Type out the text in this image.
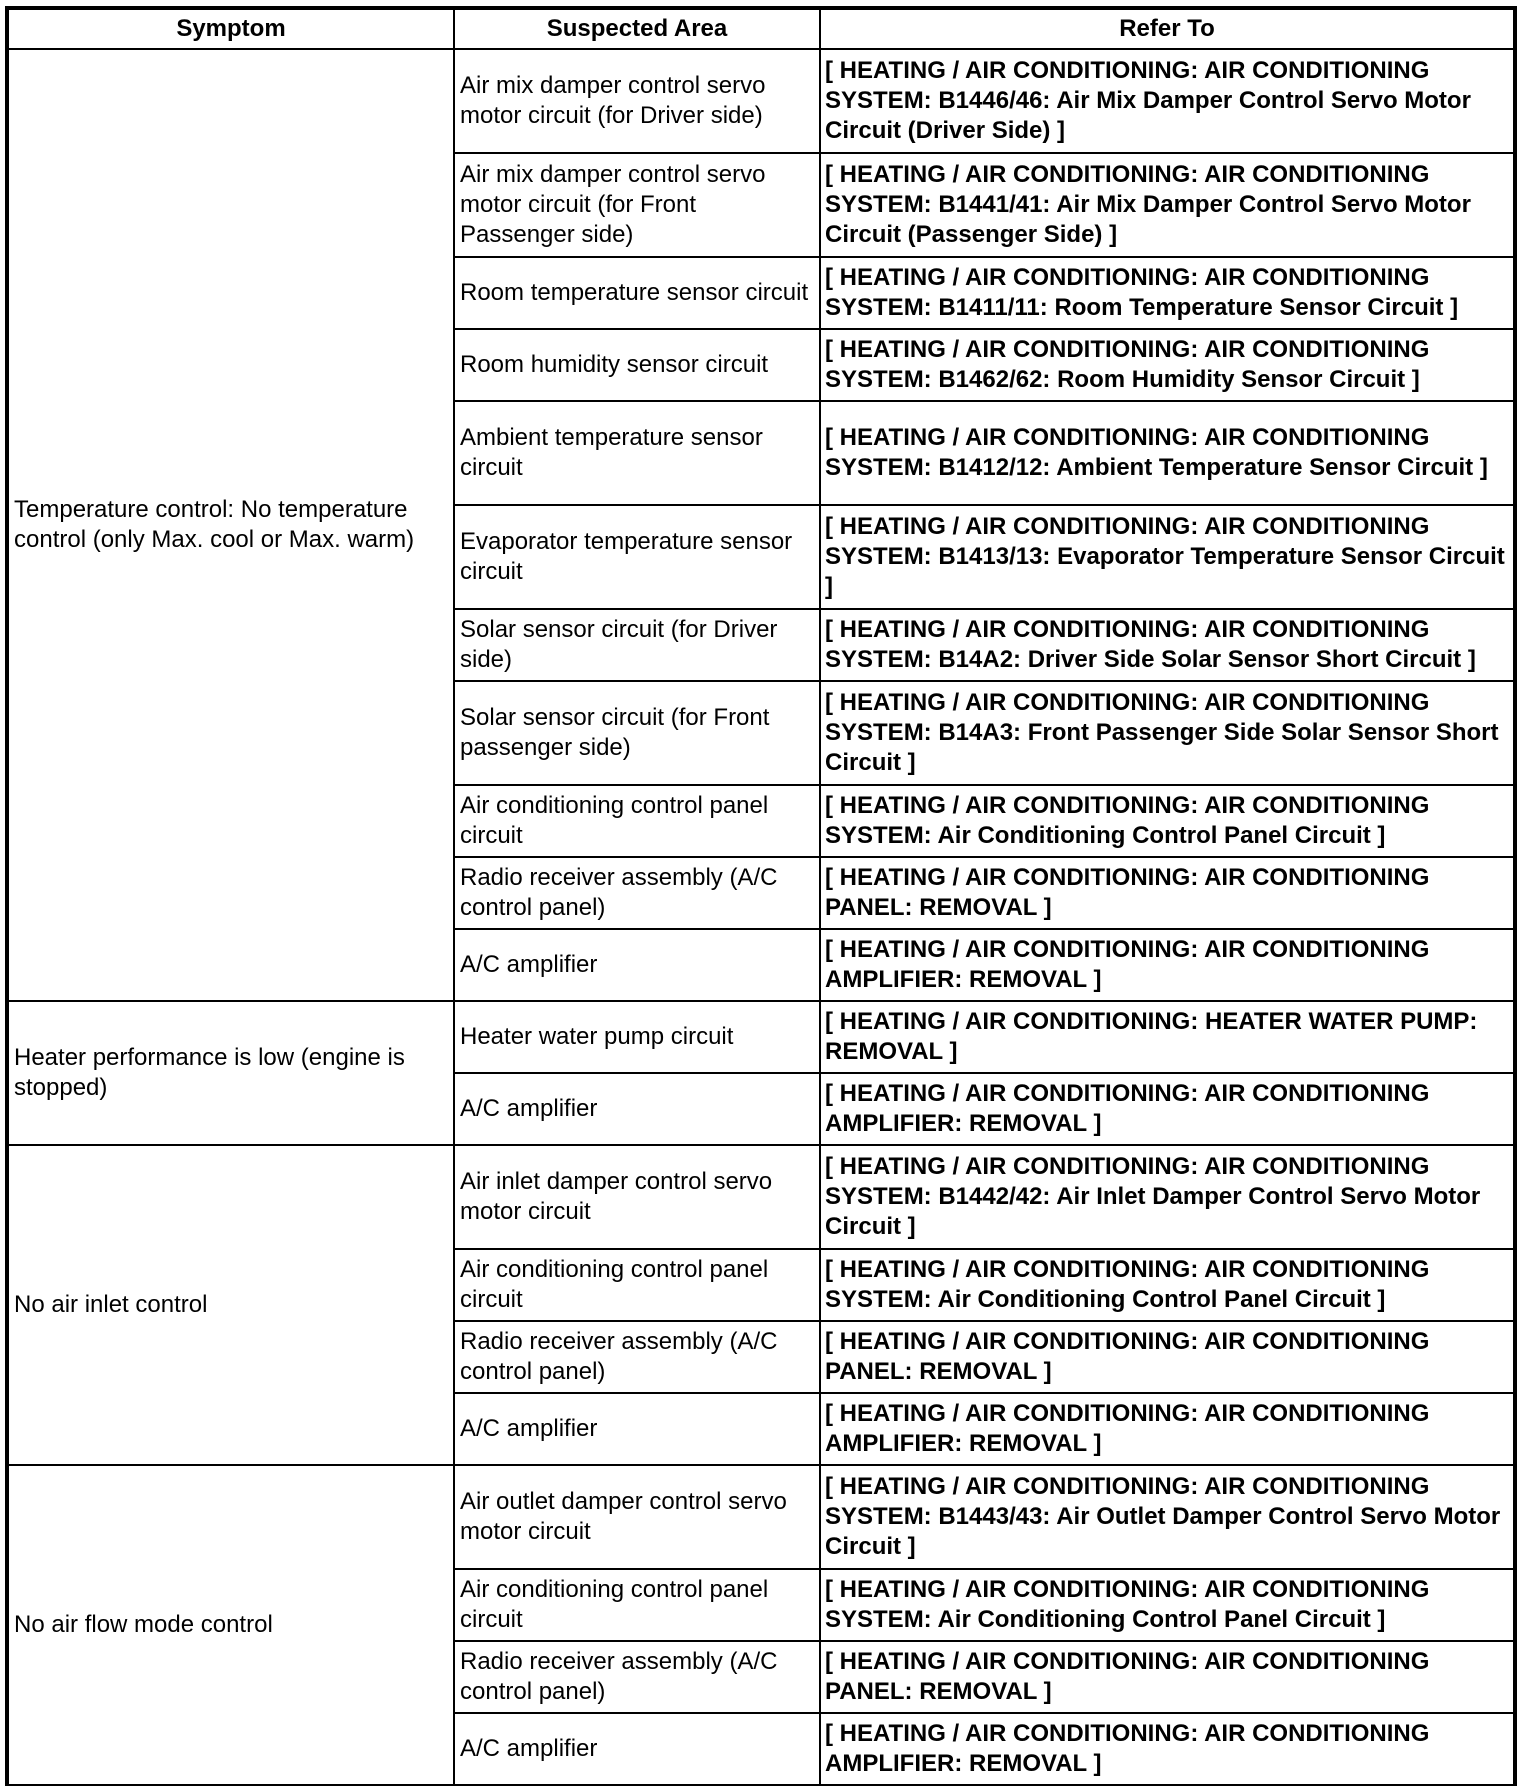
Symptom	Suspected Area	Refer To
Temperature control: No temperature control (only Max. cool or Max. warm)	Air mix damper control servo motor circuit (for Driver side)	[ HEATING / AIR CONDITIONING: AIR CONDITIONING SYSTEM: B1446/46: Air Mix Damper Control Servo Motor Circuit (Driver Side) ]
	Air mix damper control servo motor circuit (for Front Passenger side)	[ HEATING / AIR CONDITIONING: AIR CONDITIONING SYSTEM: B1441/41: Air Mix Damper Control Servo Motor Circuit (Passenger Side) ]
	Room temperature sensor circuit	[ HEATING / AIR CONDITIONING: AIR CONDITIONING SYSTEM: B1411/11: Room Temperature Sensor Circuit ]
	Room humidity sensor circuit	[ HEATING / AIR CONDITIONING: AIR CONDITIONING SYSTEM: B1462/62: Room Humidity Sensor Circuit ]
	Ambient temperature sensor circuit	[ HEATING / AIR CONDITIONING: AIR CONDITIONING SYSTEM: B1412/12: Ambient Temperature Sensor Circuit ]
	Evaporator temperature sensor circuit	[ HEATING / AIR CONDITIONING: AIR CONDITIONING SYSTEM: B1413/13: Evaporator Temperature Sensor Circuit ]
	Solar sensor circuit (for Driver side)	[ HEATING / AIR CONDITIONING: AIR CONDITIONING SYSTEM: B14A2: Driver Side Solar Sensor Short Circuit ]
	Solar sensor circuit (for Front passenger side)	[ HEATING / AIR CONDITIONING: AIR CONDITIONING SYSTEM: B14A3: Front Passenger Side Solar Sensor Short Circuit ]
	Air conditioning control panel circuit	[ HEATING / AIR CONDITIONING: AIR CONDITIONING SYSTEM: Air Conditioning Control Panel Circuit ]
	Radio receiver assembly (A/C control panel)	[ HEATING / AIR CONDITIONING: AIR CONDITIONING PANEL: REMOVAL ]
	A/C amplifier	[ HEATING / AIR CONDITIONING: AIR CONDITIONING AMPLIFIER: REMOVAL ]
Heater performance is low (engine is stopped)	Heater water pump circuit	[ HEATING / AIR CONDITIONING: HEATER WATER PUMP: REMOVAL ]
	A/C amplifier	[ HEATING / AIR CONDITIONING: AIR CONDITIONING AMPLIFIER: REMOVAL ]
No air inlet control	Air inlet damper control servo motor circuit	[ HEATING / AIR CONDITIONING: AIR CONDITIONING SYSTEM: B1442/42: Air Inlet Damper Control Servo Motor Circuit ]
	Air conditioning control panel circuit	[ HEATING / AIR CONDITIONING: AIR CONDITIONING SYSTEM: Air Conditioning Control Panel Circuit ]
	Radio receiver assembly (A/C control panel)	[ HEATING / AIR CONDITIONING: AIR CONDITIONING PANEL: REMOVAL ]
	A/C amplifier	[ HEATING / AIR CONDITIONING: AIR CONDITIONING AMPLIFIER: REMOVAL ]
No air flow mode control	Air outlet damper control servo motor circuit	[ HEATING / AIR CONDITIONING: AIR CONDITIONING SYSTEM: B1443/43: Air Outlet Damper Control Servo Motor Circuit ]
	Air conditioning control panel circuit	[ HEATING / AIR CONDITIONING: AIR CONDITIONING SYSTEM: Air Conditioning Control Panel Circuit ]
	Radio receiver assembly (A/C control panel)	[ HEATING / AIR CONDITIONING: AIR CONDITIONING PANEL: REMOVAL ]
	A/C amplifier	[ HEATING / AIR CONDITIONING: AIR CONDITIONING AMPLIFIER: REMOVAL ]
